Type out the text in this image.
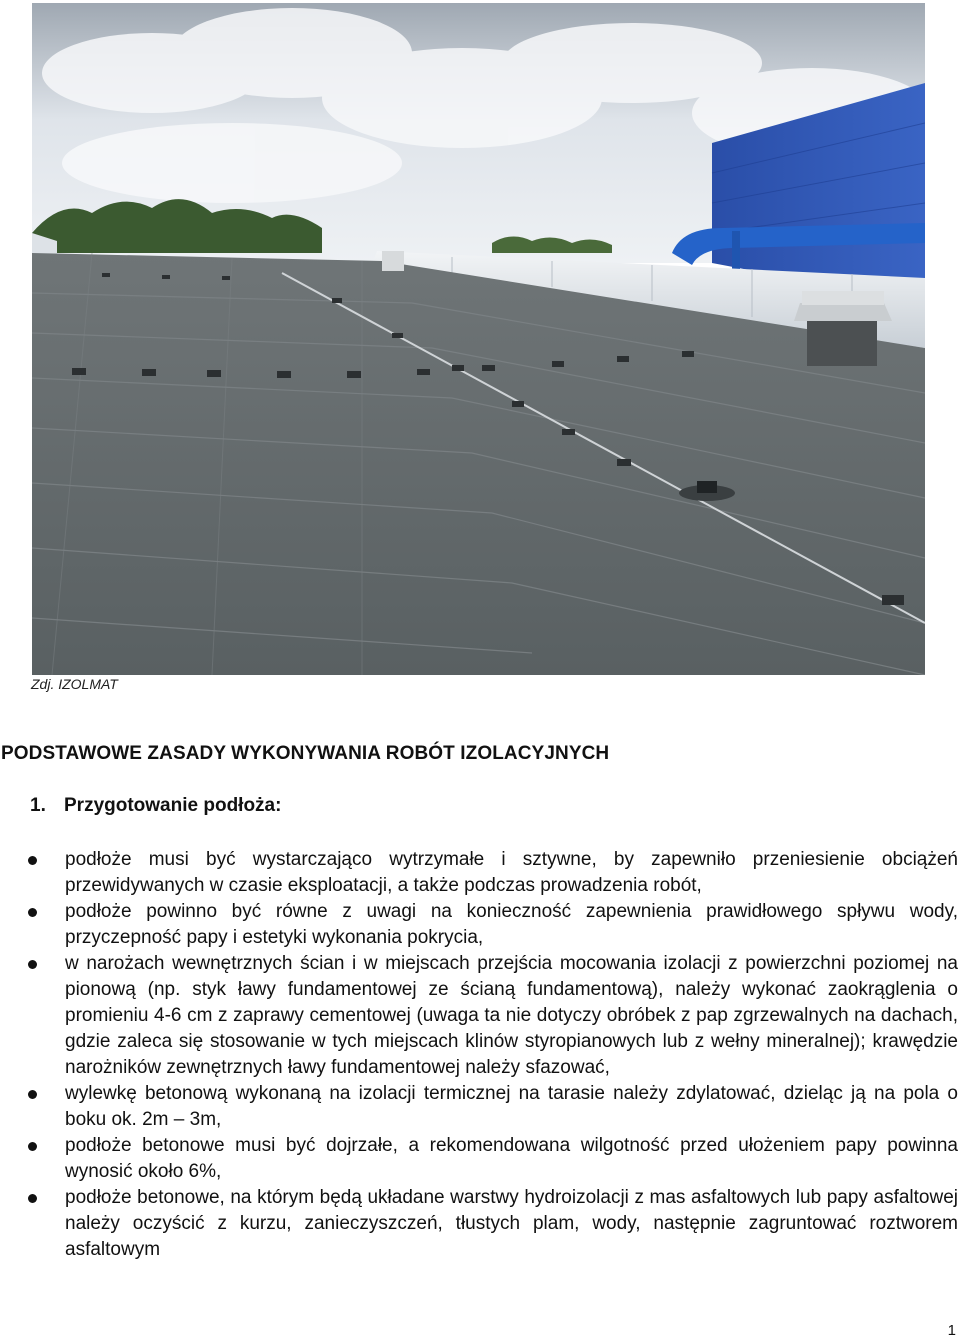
Zdj. IZOLMAT
PODSTAWOWE ZASADY WYKONYWANIA ROBÓT IZOLACYJNYCH
1. Przygotowanie podłoża:
podłoże musi być wystarczająco wytrzymałe i sztywne, by zapewniło przeniesienie obciążeń przewidywanych w czasie eksploatacji, a także podczas prowadzenia robót,
podłoże powinno być równe z uwagi na konieczność zapewnienia prawidłowego spływu wody, przyczepność papy i estetyki wykonania pokrycia,
w narożach wewnętrznych ścian i w miejscach przejścia mocowania izolacji z powierzchni poziomej na pionową (np. styk ławy fundamentowej ze ścianą fundamentową), należy wykonać zaokrąglenia o promieniu 4-6 cm z zaprawy cementowej (uwaga ta nie dotyczy obróbek z pap zgrzewalnych na dachach, gdzie zaleca się stosowanie w tych miejscach klinów styropianowych lub z wełny mineralnej); krawędzie narożników zewnętrznych ławy fundamentowej należy sfazować,
wylewkę betonową wykonaną na izolacji termicznej na tarasie należy zdylatować, dzieląc ją na pola o boku ok. 2m – 3m,
podłoże betonowe musi być dojrzałe, a rekomendowana wilgotność przed ułożeniem papy powinna wynosić około 6%,
podłoże betonowe, na którym będą układane warstwy hydroizolacji z mas asfaltowych lub papy asfaltowej należy oczyścić z kurzu, zanieczyszczeń, tłustych plam, wody, następnie zagruntować roztworem asfaltowym
1
